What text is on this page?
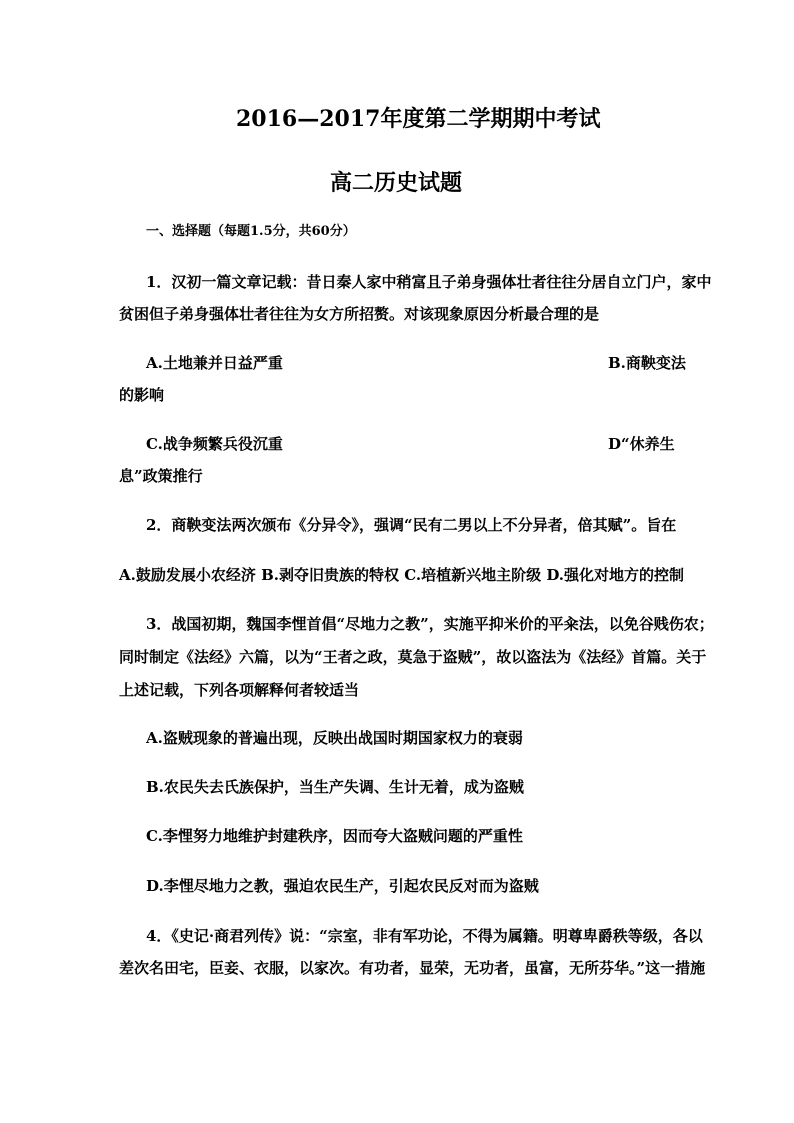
2016—2017年度第二学期期中考试
高二历史试题
一、选择题（每题1.5分，共60分）
1．汉初一篇文章记载：昔日秦人家中稍富且子弟身强体壮者往往分居自立门户，家中
贫困但子弟身强体壮者往往为女方所招赘。对该现象原因分析最合理的是
A.土地兼并日益严重	B.商鞅变法
的影响
C.战争频繁兵役沉重	D“休养生
息”政策推行
2．商鞅变法两次颁布《分异令》，强调“民有二男以上不分异者，倍其赋”。旨在
A.鼓励发展小农经济 B.剥夺旧贵族的特权 C.培植新兴地主阶级 D.强化对地方的控制
3．战国初期，魏国李悝首倡“尽地力之教”，实施平抑米价的平籴法，以免谷贱伤农；
同时制定《法经》六篇，以为“王者之政，莫急于盗贼”，故以盗法为《法经》首篇。关于
上述记载，下列各项解释何者较适当
A.盗贼现象的普遍出现，反映出战国时期国家权力的衰弱
B.农民失去氏族保护，当生产失调、生计无着，成为盗贼
C.李悝努力地维护封建秩序，因而夸大盗贼问题的严重性
D.李悝尽地力之教，强迫农民生产，引起农民反对而为盗贼
4．《史记·商君列传》说：“宗室，非有军功论，不得为属籍。明尊卑爵秩等级，各以
差次名田宅，臣妾、衣服，以家次。有功者，显荣，无功者，虽富，无所芬华。”这一措施
